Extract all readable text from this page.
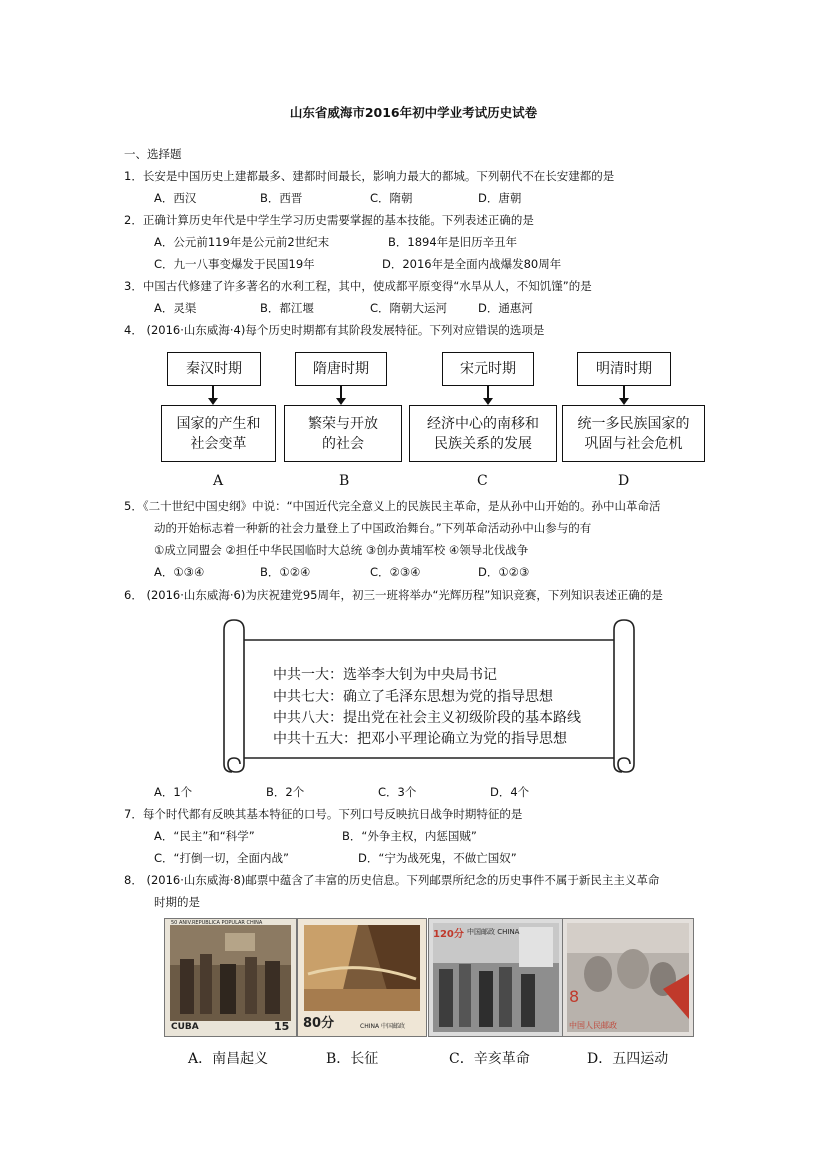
山东省威海市2016年初中学业考试历史试卷
一、选择题
1．长安是中国历史上建都最多、建都时间最长，影响力最大的都城。下列朝代不在长安建都的是
A．西汉	B．西晋	C．隋朝	D．唐朝
2．正确计算历史年代是中学生学习历史需要掌握的基本技能。下列表述正确的是
A．公元前119年是公元前2世纪末	B．1894年是旧历辛丑年
C．九一八事变爆发于民国19年	D．2016年是全面内战爆发80周年
3．中国古代修建了许多著名的水利工程，其中，使成都平原变得“水旱从人，不知饥馑”的是
A．灵渠	B．都江堰	C．隋朝大运河	D．通惠河
4． (2016·山东威海·4)每个历史时期都有其阶段发展特征。下列对应错误的选项是
秦汉时期	隋唐时期	宋元时期	明清时期
国家的产生和
社会变革
繁荣与开放
的社会
经济中心的南移和
民族关系的发展
统一多民族国家的
巩固与社会危机
A	B	C	D
5．《二十世纪中国史纲》中说：“中国近代完全意义上的民族民主革命，是从孙中山开始的。孙中山革命活
动的开始标志着一种新的社会力量登上了中国政治舞台。”下列革命活动孙中山参与的有
①成立同盟会 ②担任中华民国临时大总统 ③创办黄埔军校 ④领导北伐战争
A．①③④	B．①②④	C．②③④	D．①②③
6． (2016·山东威海·6)为庆祝建党95周年，初三一班将举办“光辉历程”知识竞赛，下列知识表述正确的是
中共一大：选举李大钊为中央局书记
中共七大：确立了毛泽东思想为党的指导思想
中共八大：提出党在社会主义初级阶段的基本路线
中共十五大：把邓小平理论确立为党的指导思想
A．1个	B．2个	C．3个	D．4个
7．每个时代都有反映其基本特征的口号。下列口号反映抗日战争时期特征的是
A．“民主”和“科学”	B．“外争主权，内惩国贼”
C．“打倒一切，全面内战”	D．“宁为战死鬼，不做亡国奴”
8． (2016·山东威海·8)邮票中蕴含了丰富的历史信息。下列邮票所纪念的历史事件不属于新民主主义革命
时期的是
50 ANIV.REPUBLICA POPULAR CHINA
CUBA	15 80分	CHINA 中国邮政
120分 中国邮政 CHINA
8
中国人民邮政
A．南昌起义	B．长征	C．辛亥革命	D．五四运动
